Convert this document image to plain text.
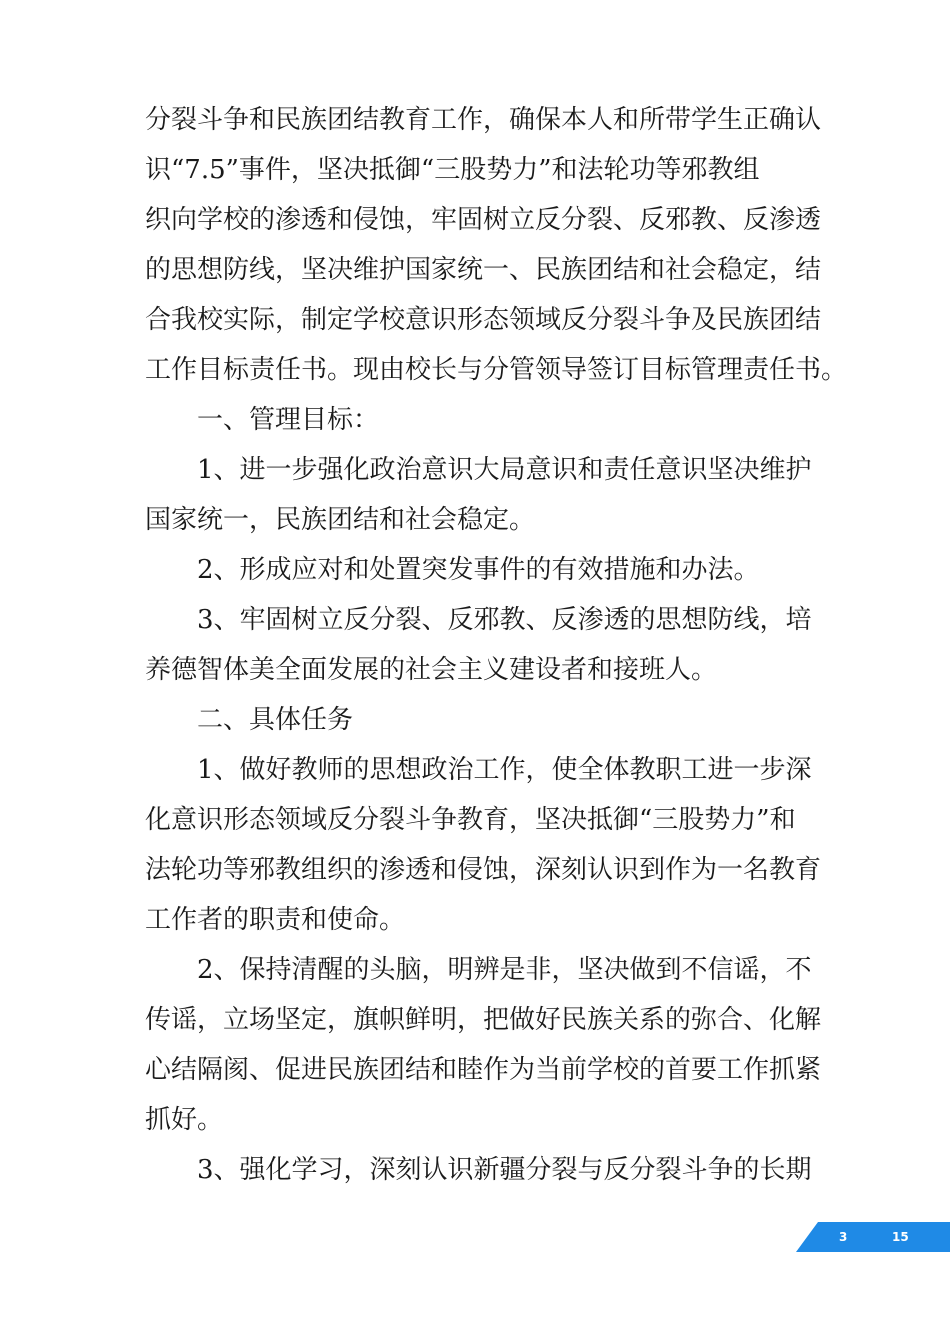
分裂斗争和民族团结教育工作，确保本人和所带学生正确认
识“7.5”事件，坚决抵御“三股势力”和法轮功等邪教组
织向学校的渗透和侵蚀，牢固树立反分裂、反邪教、反渗透
的思想防线，坚决维护国家统一、民族团结和社会稳定，结
合我校实际，制定学校意识形态领域反分裂斗争及民族团结
工作目标责任书。现由校长与分管领导签订目标管理责任书。
一、管理目标：
1、进一步强化政治意识大局意识和责任意识坚决维护
国家统一，民族团结和社会稳定。
2、形成应对和处置突发事件的有效措施和办法。
3、牢固树立反分裂、反邪教、反渗透的思想防线，培
养德智体美全面发展的社会主义建设者和接班人。
二、具体任务
1、做好教师的思想政治工作，使全体教职工进一步深
化意识形态领域反分裂斗争教育，坚决抵御“三股势力”和
法轮功等邪教组织的渗透和侵蚀，深刻认识到作为一名教育
工作者的职责和使命。
2、保持清醒的头脑，明辨是非，坚决做到不信谣，不
传谣，立场坚定，旗帜鲜明，把做好民族关系的弥合、化解
心结隔阂、促进民族团结和睦作为当前学校的首要工作抓紧
抓好。
3、强化学习，深刻认识新疆分裂与反分裂斗争的长期
3	15
